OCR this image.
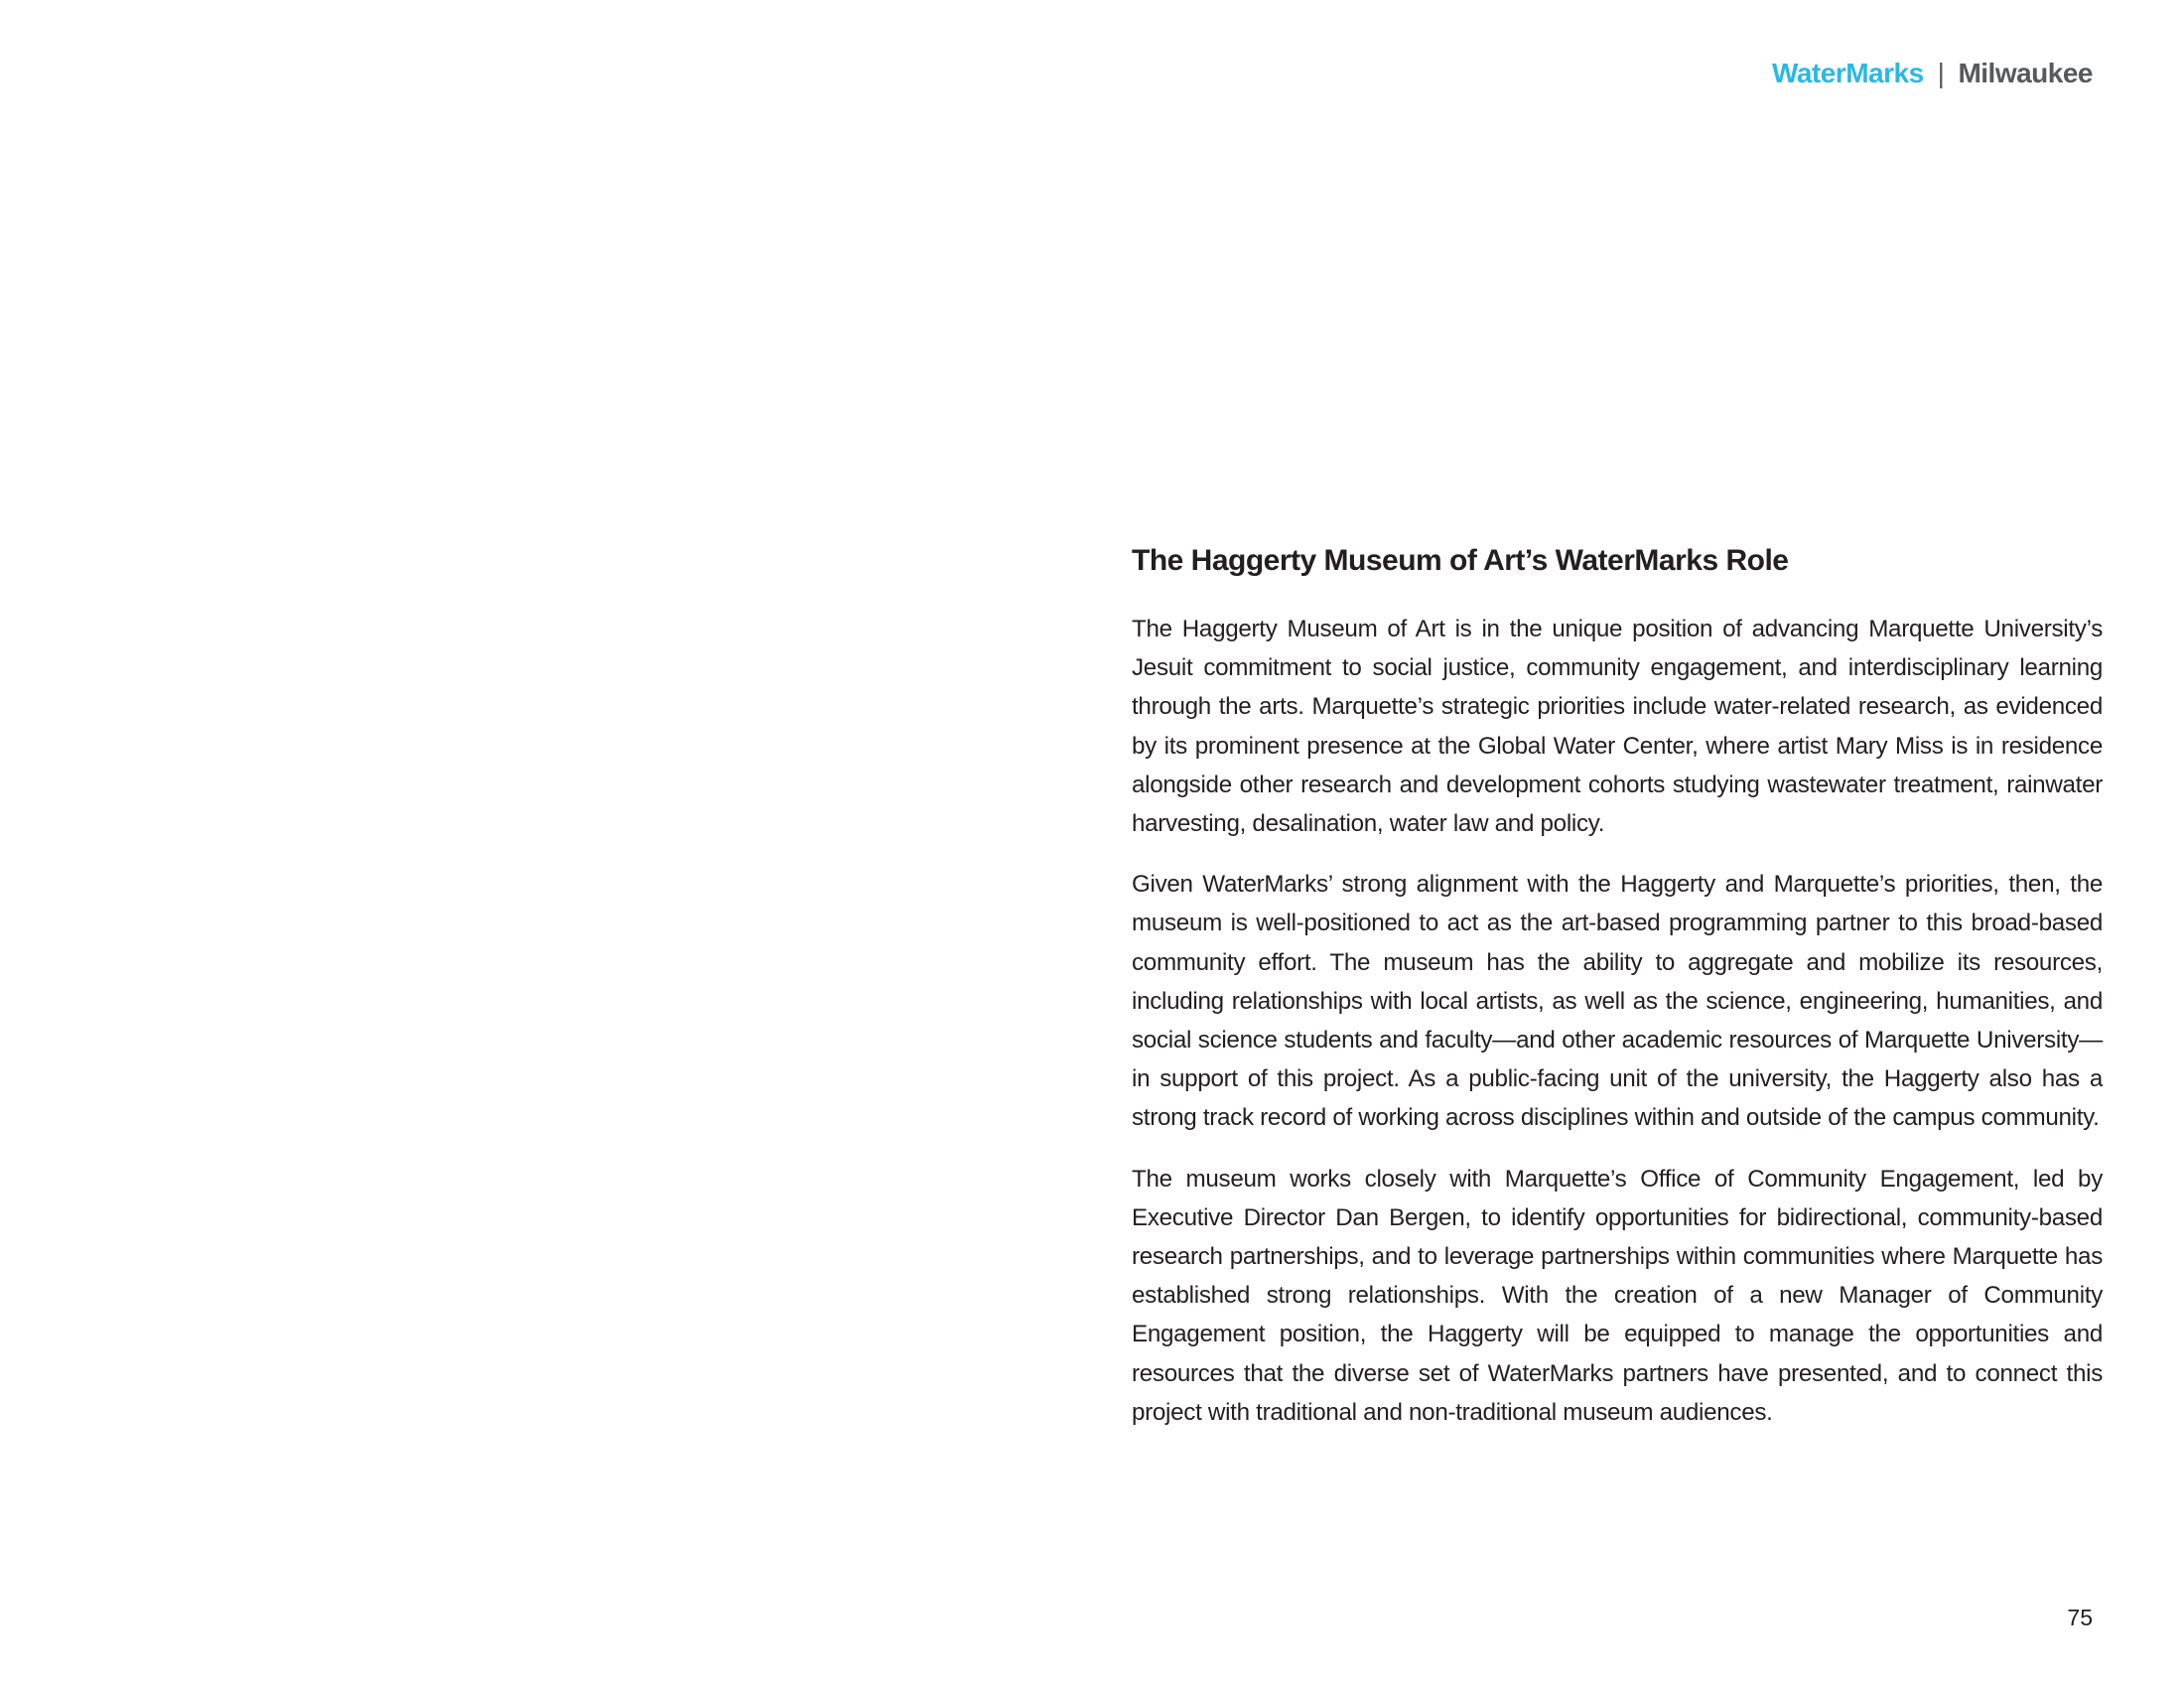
WaterMarks | Milwaukee
The Haggerty Museum of Art’s WaterMarks Role

The Haggerty Museum of Art is in the unique position of advancing Marquette University’s Jesuit commitment to social justice, community engagement, and interdisciplinary learning through the arts. Marquette’s strategic priorities include water-related research, as evidenced by its prominent presence at the Global Water Center, where artist Mary Miss is in residence alongside other research and development cohorts studying wastewater treatment, rainwater harvesting, desalination, water law and policy.

Given WaterMarks’ strong alignment with the Haggerty and Marquette’s priorities, then, the museum is well-positioned to act as the art-based programming partner to this broad-based community effort. The museum has the ability to aggregate and mobilize its resources, including relationships with local artists, as well as the science, engineering, humanities, and social science students and faculty—and other academic resources of Marquette University—in support of this project. As a public-facing unit of the university, the Haggerty also has a strong track record of working across disciplines within and outside of the campus community.

The museum works closely with Marquette’s Office of Community Engagement, led by Executive Director Dan Bergen, to identify opportunities for bidirectional, community-based research partnerships, and to leverage partnerships within communities where Marquette has established strong relationships. With the creation of a new Manager of Community Engagement position, the Haggerty will be equipped to manage the opportunities and resources that the diverse set of WaterMarks partners have presented, and to connect this project with traditional and non-traditional museum audiences.

75
